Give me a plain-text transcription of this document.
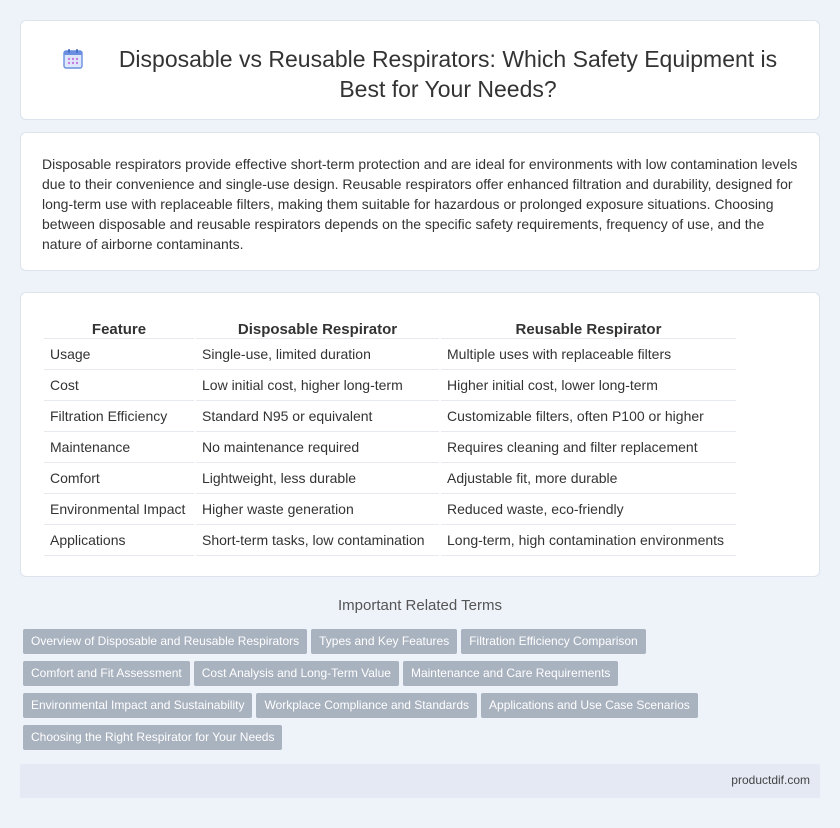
Disposable vs Reusable Respirators: Which Safety Equipment is Best for Your Needs?

Disposable respirators provide effective short-term protection and are ideal for environments with low contamination levels due to their convenience and single-use design. Reusable respirators offer enhanced filtration and durability, designed for long-term use with replaceable filters, making them suitable for hazardous or prolonged exposure situations. Choosing between disposable and reusable respirators depends on the specific safety requirements, frequency of use, and the nature of airborne contaminants.

Feature	Disposable Respirator	Reusable Respirator
Usage	Single-use, limited duration	Multiple uses with replaceable filters
Cost	Low initial cost, higher long-term	Higher initial cost, lower long-term
Filtration Efficiency	Standard N95 or equivalent	Customizable filters, often P100 or higher
Maintenance	No maintenance required	Requires cleaning and filter replacement
Comfort	Lightweight, less durable	Adjustable fit, more durable
Environmental Impact	Higher waste generation	Reduced waste, eco-friendly
Applications	Short-term tasks, low contamination	Long-term, high contamination environments
Important Related Terms
Overview of Disposable and Reusable Respirators Types and Key Features Filtration Efficiency Comparison
Comfort and Fit Assessment Cost Analysis and Long-Term Value Maintenance and Care Requirements
Environmental Impact and Sustainability Workplace Compliance and Standards Applications and Use Case Scenarios
Choosing the Right Respirator for Your Needs
productdif.com
